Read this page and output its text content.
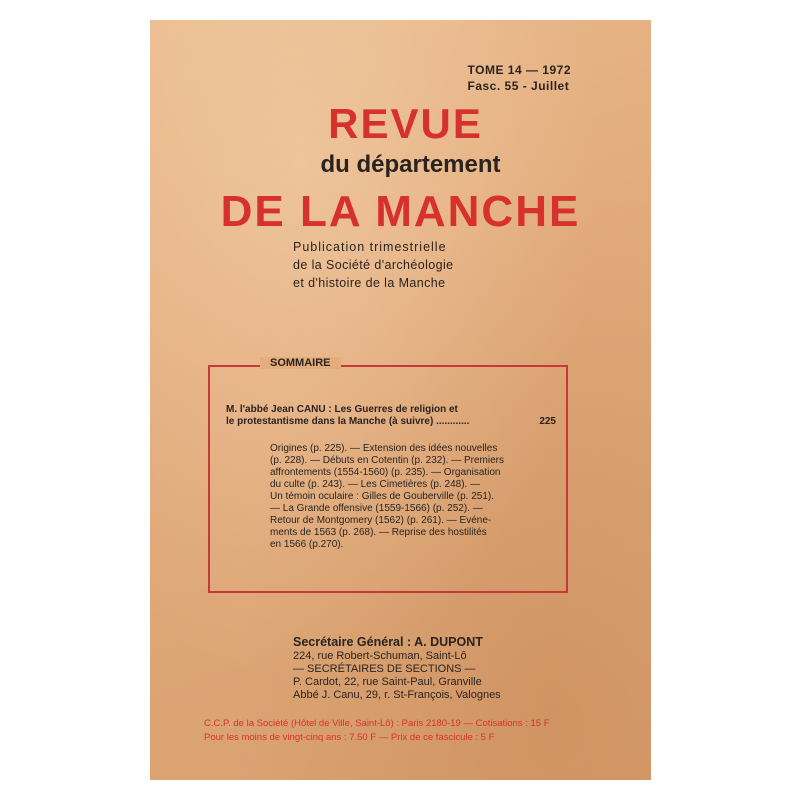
TOME 14 — 1972
Fasc. 55 - Juillet
REVUE
du département
DE LA MANCHE
Publication trimestrielle
de la Société d'archéologie
et d'histoire de la Manche
SOMMAIRE
M. l'abbé Jean CANU : Les Guerres de religion et
le protestantisme dans la Manche (à suivre) ............	225
Origines (p. 225). — Extension des idées nouvelles
(p. 228). — Débuts en Cotentin (p. 232). — Premiers
affrontements (1554-1560) (p. 235). — Organisation
du culte (p. 243). — Les Cimetières (p. 248). —
Un témoin oculaire : Gilles de Gouberville (p. 251).
— La Grande offensive (1559-1566) (p. 252). —
Retour de Montgomery (1562) (p. 261). — Evéne-
ments de 1563 (p. 268). — Reprise des hostilités
en 1566 (p.270).
Secrétaire Général : A. DUPONT
224, rue Robert-Schuman, Saint-Lô
— SECRÉTAIRES DE SECTIONS —
P. Cardot, 22, rue Saint-Paul, Granville
Abbé J. Canu, 29, r. St-François, Valognes
C.C.P. de la Société (Hôtel de Ville, Saint-Lô) : Paris 2180-19 — Cotisations : 15 F
Pour les moins de vingt-cinq ans : 7.50 F — Prix de ce fascicule : 5 F
